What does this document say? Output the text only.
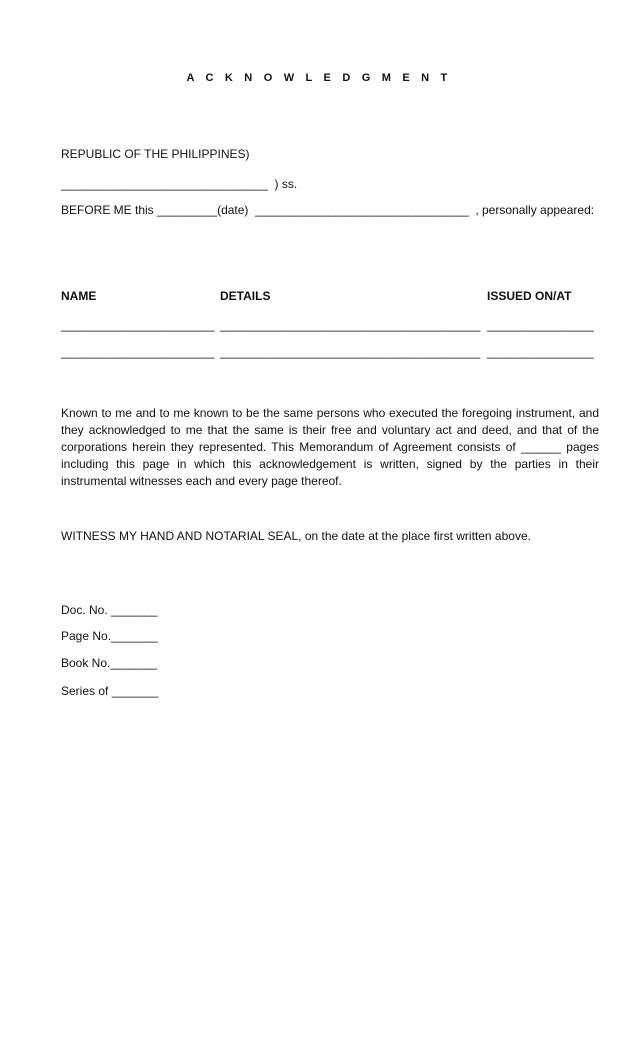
A C K N O W L E D G M E N T
REPUBLIC OF THE PHILIPPINES)
_______________________________  ) ss.
BEFORE ME this _________(date)  ________________________________  , personally appeared:
NAME	DETAILS	ISSUED ON/AT
_______________________ _______________________________________ ________________
_______________________ _______________________________________ ________________
Known to me and to me known to be the same persons who executed the foregoing instrument, and they acknowledged to me that the same is their free and voluntary act and deed, and that of the corporations herein they represented. This Memorandum of Agreement consists of ______ pages including this page in which this acknowledgement is written, signed by the parties in their instrumental witnesses each and every page thereof.
WITNESS MY HAND AND NOTARIAL SEAL, on the date at the place first written above.
Doc. No. _______
Page No._______
Book No._______
Series of _______
